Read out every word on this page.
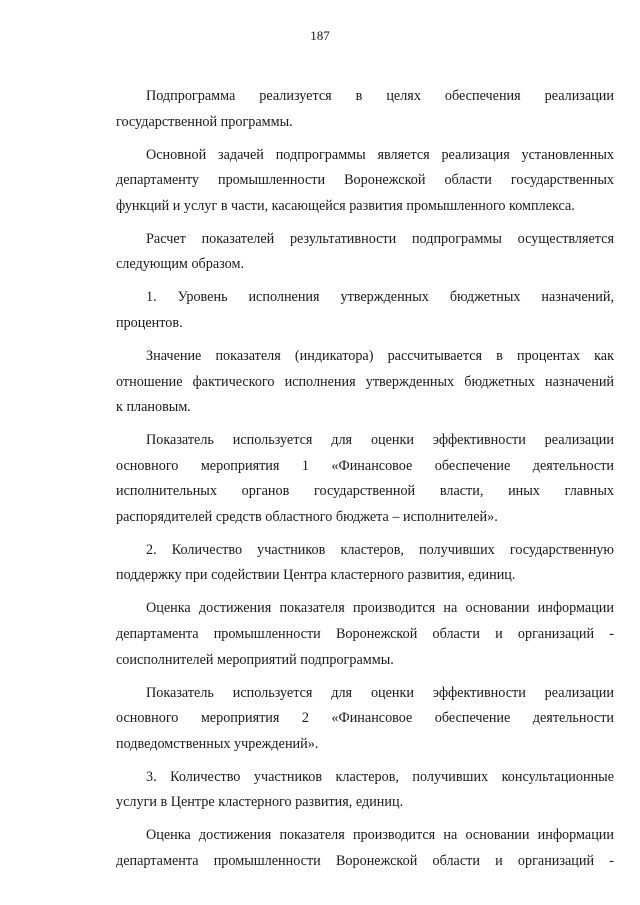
187

Подпрограмма реализуется в целях обеспечения реализации
государственной программы.

Основной задачей подпрограммы является реализация установленных
департаменту промышленности Воронежской области государственных
функций и услуг в части, касающейся развития промышленного комплекса.

Расчет показателей результативности подпрограммы осуществляется
следующим образом.

1. Уровень исполнения утвержденных бюджетных назначений,
процентов.

Значение показателя (индикатора) рассчитывается в процентах как
отношение фактического исполнения утвержденных бюджетных назначений
к плановым.

Показатель используется для оценки эффективности реализации
основного мероприятия 1 «Финансовое обеспечение деятельности
исполнительных органов государственной власти, иных главных
распорядителей средств областного бюджета – исполнителей».

2. Количество участников кластеров, получивших государственную
поддержку при содействии Центра кластерного развития, единиц.

Оценка достижения показателя производится на основании информации
департамента промышленности Воронежской области и организаций -
соисполнителей мероприятий подпрограммы.

Показатель используется для оценки эффективности реализации
основного мероприятия 2 «Финансовое обеспечение деятельности
подведомственных учреждений».

3. Количество участников кластеров, получивших консультационные
услуги в Центре кластерного развития, единиц.

Оценка достижения показателя производится на основании информации
департамента промышленности Воронежской области и организаций -
